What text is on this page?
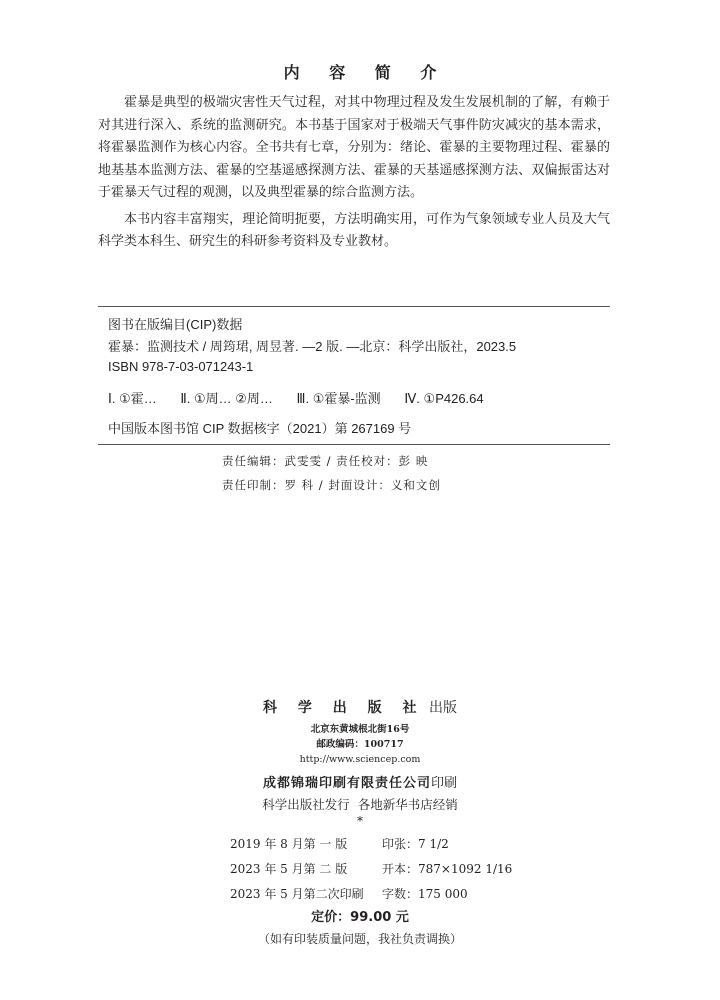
内 容 简 介

霍暴是典型的极端灾害性天气过程，对其中物理过程及发生发展机制的了解，有赖于对其进行深入、系统的监测研究。本书基于国家对于极端天气事件防灾减灾的基本需求，将霍暴监测作为核心内容。全书共有七章，分别为：绪论、霍暴的主要物理过程、霍暴的地基基本监测方法、霍暴的空基遥感探测方法、霍暴的天基遥感探测方法、双偏振雷达对于霍暴天气过程的观测，以及典型霍暴的综合监测方法。

本书内容丰富翔实，理论简明扼要，方法明确实用，可作为气象领域专业人员及大气科学类本科生、研究生的科研参考资料及专业教材。

图书在版编目(CIP)数据
霍暴：监测技术 / 周筠珺, 周昱著. —2 版. —北京：科学出版社，2023.5
ISBN 978-7-03-071243-1
Ⅰ. ①霍… Ⅱ. ①周… ②周… Ⅲ. ①霍暴-监测 Ⅳ. ①P426.64
中国版本图书馆 CIP 数据核字（2021）第 267169 号
责任编辑：武雯雯 / 责任校对：彭 映
责任印制：罗 科 / 封面设计：义和文创
科 学 出 版 社 出版
北京东黄城根北街16号
邮政编码：100717
http://www.sciencep.com
成都锦瑞印刷有限责任公司印刷
科学出版社发行 各地新华书店经销
*
2019 年 8 月第 一 版	印张：7 1/2
2023 年 5 月第 二 版	开本：787×1092 1/16
2023 年 5 月第二次印刷 字数：175 000
定价：99.00 元
（如有印装质量问题，我社负责调换）
